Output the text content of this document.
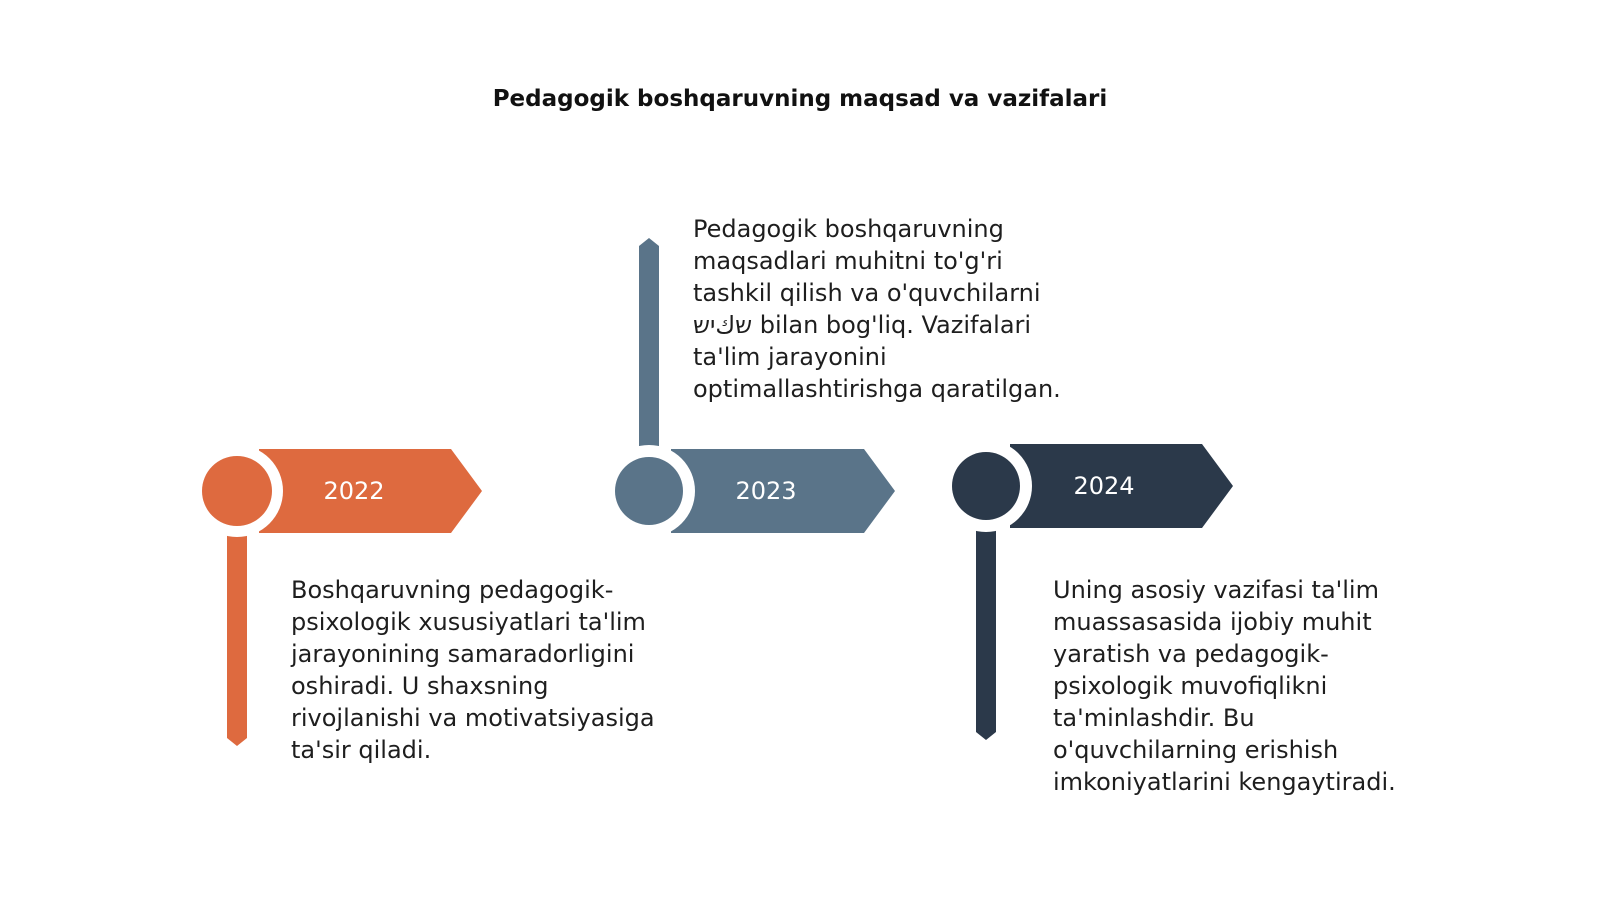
Pedagogik boshqaruvning maqsad va vazifalari
2022	2023	2024

Boshqaruvning pedagogik-psixologik xususiyatlari ta'lim jarayonining samaradorligini oshiradi. U shaxsning rivojlanishi va motivatsiyasiga ta'sir qiladi.

Pedagogik boshqaruvning maqsadlari muhitni to'g'ri tashkil qilish va o'quvchilarni שكיש bilan bog'liq. Vazifalari ta'lim jarayonini optimallashtirishga qaratilgan.

Uning asosiy vazifasi ta'lim muassasasida ijobiy muhit yaratish va pedagogik-psixologik muvofiqlikni ta'minlashdir. Bu o'quvchilarning erishish imkoniyatlarini kengaytiradi.
